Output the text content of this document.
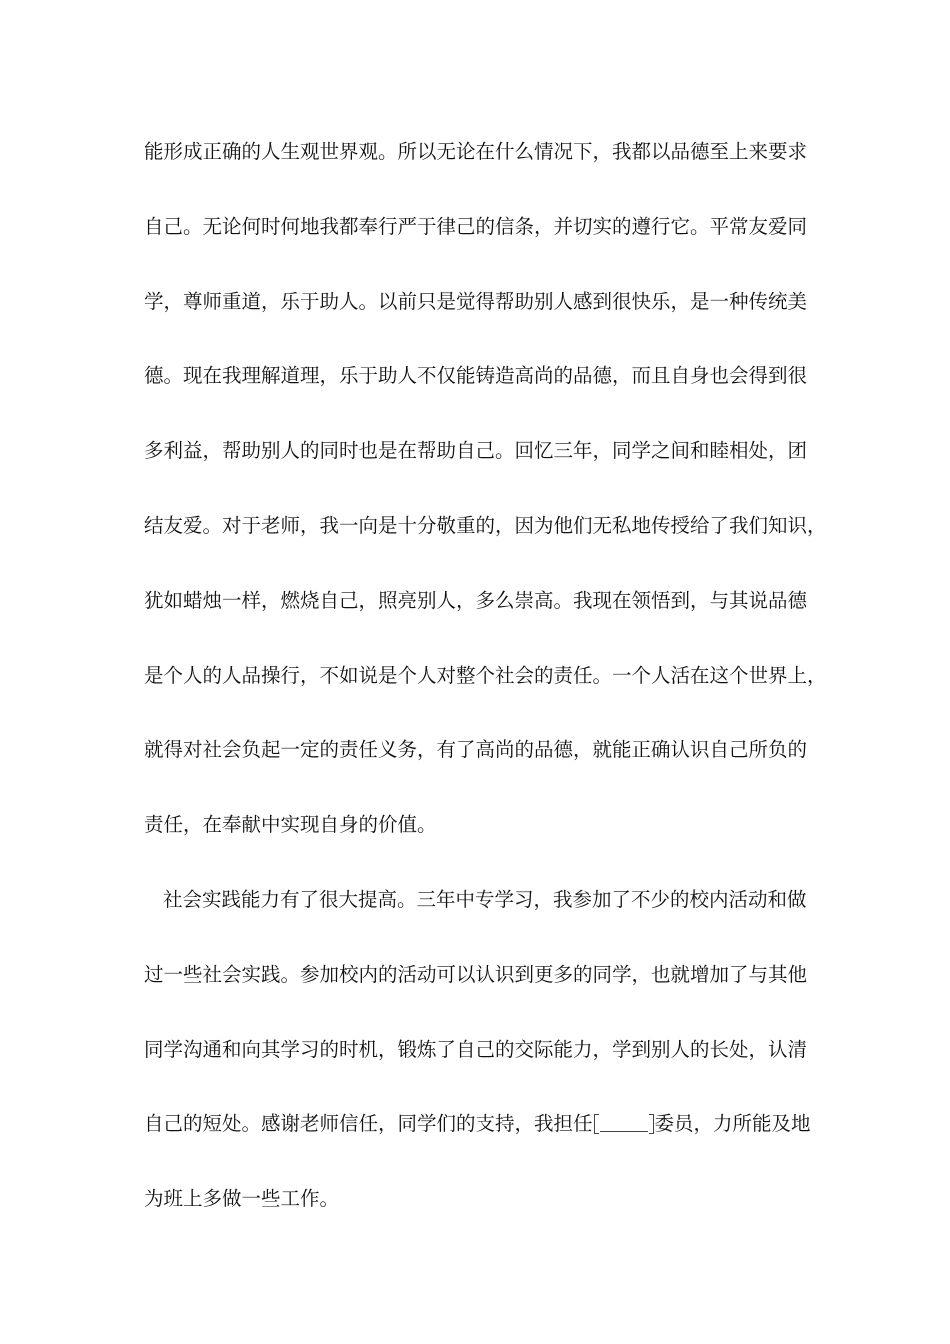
能形成正确的人生观世界观。所以无论在什么情况下，我都以品德至上来要求
自己。无论何时何地我都奉行严于律己的信条，并切实的遵行它。平常友爱同
学，尊师重道，乐于助人。以前只是觉得帮助别人感到很快乐，是一种传统美
德。现在我理解道理，乐于助人不仅能铸造高尚的品德，而且自身也会得到很
多利益，帮助别人的同时也是在帮助自己。回忆三年，同学之间和睦相处，团
结友爱。对于老师，我一向是十分敬重的，因为他们无私地传授给了我们知识，
犹如蜡烛一样，燃烧自己，照亮别人，多么崇高。我现在领悟到，与其说品德
是个人的人品操行，不如说是个人对整个社会的责任。一个人活在这个世界上，
就得对社会负起一定的责任义务，有了高尚的品德，就能正确认识自己所负的
责任，在奉献中实现自身的价值。
社会实践能力有了很大提高。三年中专学习，我参加了不少的校内活动和做
过一些社会实践。参加校内的活动可以认识到更多的同学，也就增加了与其他
同学沟通和向其学习的时机，锻炼了自己的交际能力，学到别人的长处，认清
自己的短处。感谢老师信任，同学们的支持，我担任	委员，力所能及地
为班上多做一些工作。
